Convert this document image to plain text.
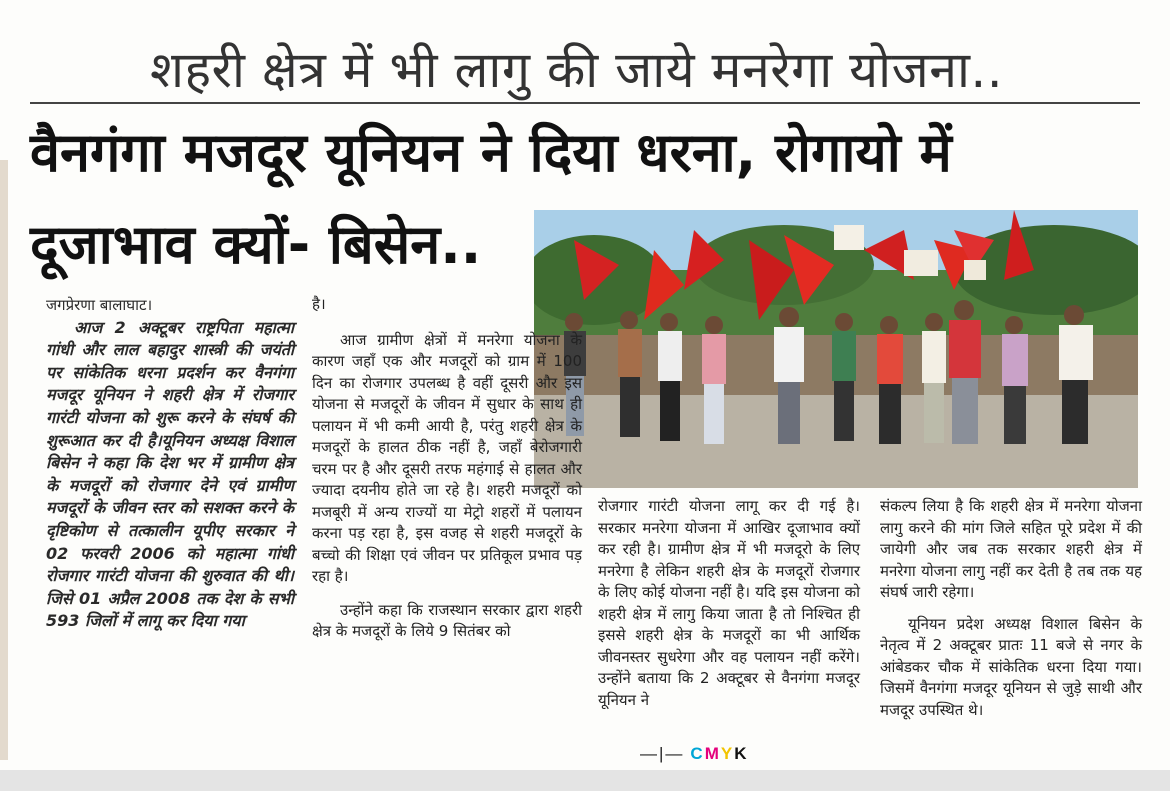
शहरी क्षेत्र में भी लागु की जाये मनरेगा योजना..
वैनगंगा मजदूर यूनियन ने दिया धरना, रोगायो में
दूजाभाव क्यों- बिसेन..

जगप्रेरणा बालाघाट।

आज 2 अक्टूबर राष्ट्रपिता महात्मा गांधी और लाल बहादुर शास्त्री की जयंती पर सांकेतिक धरना प्रदर्शन कर वैनगंगा मजदूर यूनियन ने शहरी क्षेत्र में रोजगार गारंटी योजना को शुरू करने के संघर्ष की शुरूआत कर दी है।यूनियन अध्यक्ष विशाल बिसेन ने कहा कि देश भर में ग्रामीण क्षेत्र के मजदूरों को रोजगार देने एवं ग्रामीण मजदूरों के जीवन स्तर को सशक्त करने के दृष्टिकोण से तत्कालीन यूपीए सरकार ने 02 फरवरी 2006 को महात्मा गांधी रोजगार गारंटी योजना की शुरुवात की थी। जिसे 01 अप्रैल 2008 तक देश के सभी 593 जिलों में लागू कर दिया गया

है।

आज ग्रामीण क्षेत्रों में मनरेगा योजना के कारण जहाँ एक और मजदूरों को ग्राम में 100 दिन का रोजगार उपलब्ध है वहीं दूसरी और इस योजना से मजदूरों के जीवन में सुधार के साथ ही पलायन में भी कमी आयी है, परंतु शहरी क्षेत्र के मजदूरों के हालत ठीक नहीं है, जहाँ बेरोजगारी चरम पर है और दूसरी तरफ महंगाई से हालत और ज्यादा दयनीय होते जा रहे है। शहरी मजदूरों को मजबूरी में अन्य राज्यों या मेट्रो शहरों में पलायन करना पड़ रहा है, इस वजह से शहरी मजदूरों के बच्चो की शिक्षा एवं जीवन पर प्रतिकूल प्रभाव पड़ रहा है।

उन्होंने कहा कि राजस्थान सरकार द्वारा शहरी क्षेत्र के मजदूरों के लिये 9 सितंबर को

रोजगार गारंटी योजना लागू कर दी गई है। सरकार मनरेगा योजना में आखिर दूजाभाव क्यों कर रही है। ग्रामीण क्षेत्र में भी मजदूरो के लिए मनरेगा है लेकिन शहरी क्षेत्र के मजदूरों रोजगार के लिए कोई योजना नहीं है। यदि इस योजना को शहरी क्षेत्र में लागु किया जाता है तो निश्चित ही इससे शहरी क्षेत्र के मजदूरों का भी आर्थिक जीवनस्तर सुधरेगा और वह पलायन नहीं करेंगे। उन्होंने बताया कि 2 अक्टूबर से वैनगंगा मजदूर यूनियन ने

संकल्प लिया है कि शहरी क्षेत्र में मनरेगा योजना लागु करने की मांग जिले सहित पूरे प्रदेश में की जायेगी और जब तक सरकार शहरी क्षेत्र में मनरेगा योजना लागु नहीं कर देती है तब तक यह संघर्ष जारी रहेगा।

यूनियन प्रदेश अध्यक्ष विशाल बिसेन के नेतृत्व में 2 अक्टूबर प्रातः 11 बजे से नगर के आंबेडकर चौक में सांकेतिक धरना दिया गया। जिसमें वैनगंगा मजदूर यूनियन से जुड़े साथी और मजदूर उपस्थित थे।

—|— CMYK
